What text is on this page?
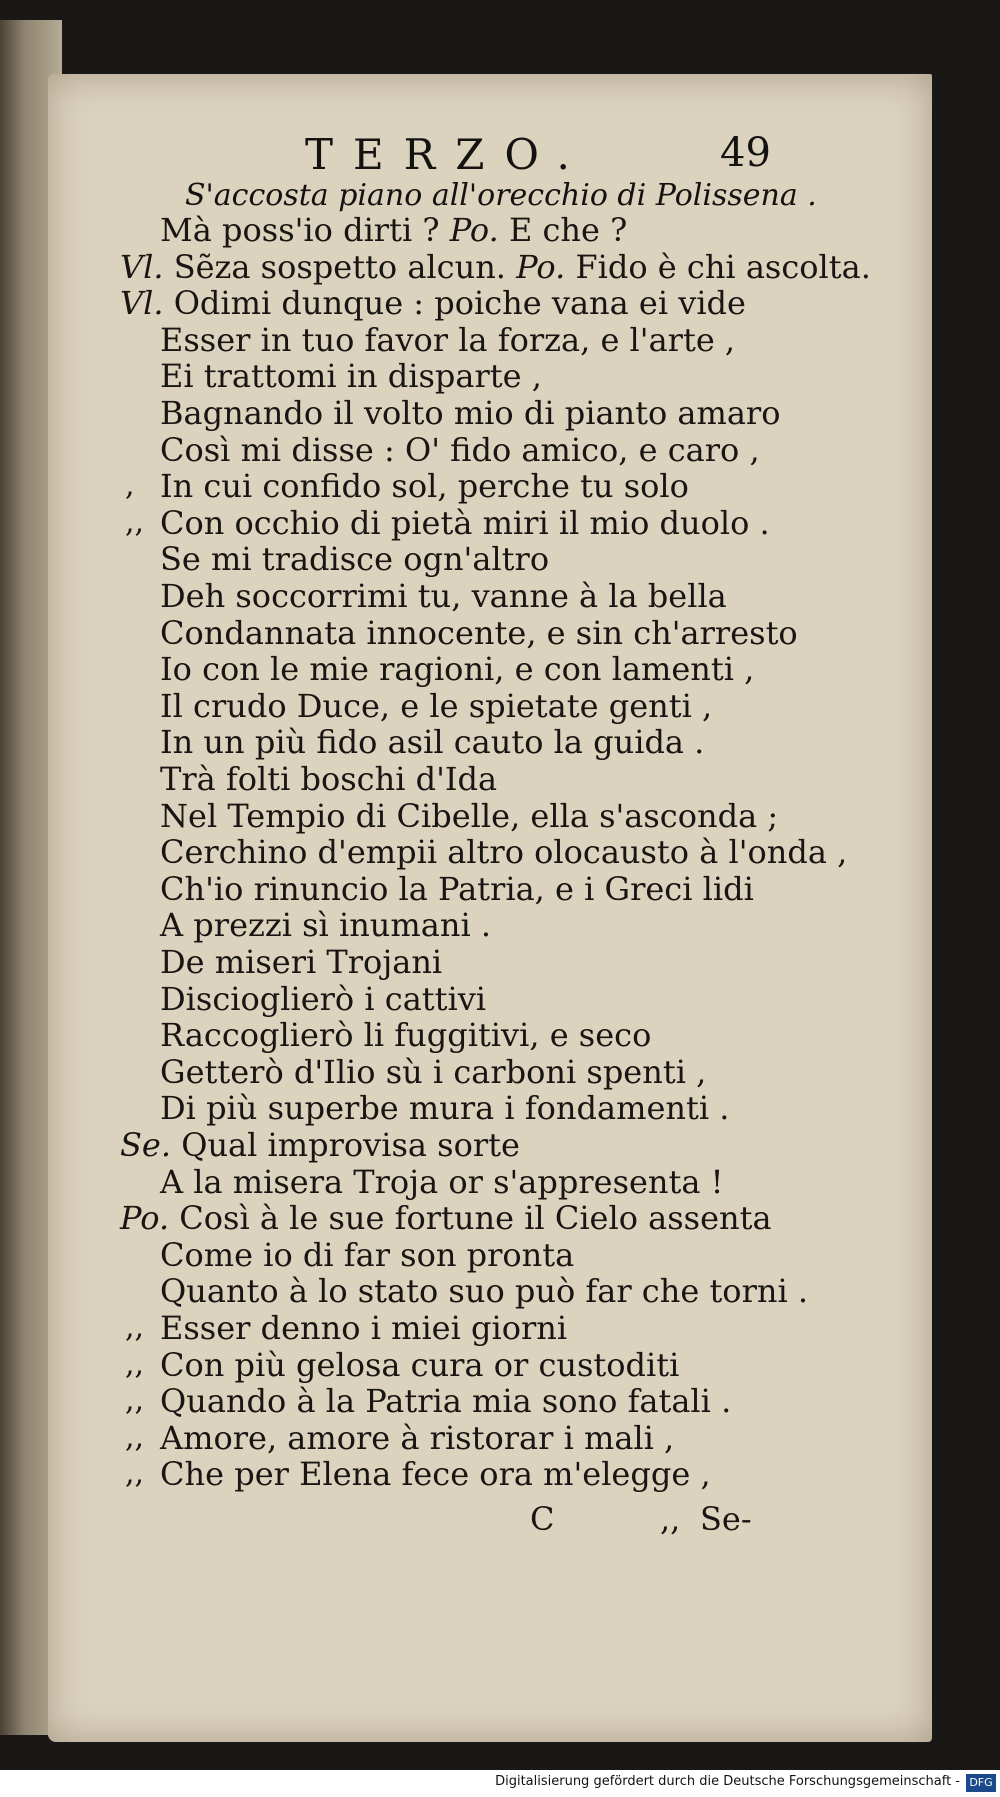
TERZO.	49
S'accosta piano all'orecchio di Polissena .
Mà poss'io dirti ? Po. E che ?
Vl. Sẽza sospetto alcun. Po. Fido è chi ascolta.
Vl. Odimi dunque : poiche vana ei vide
Esser in tuo favor la forza, e l'arte ,
Ei trattomi in disparte ,
Bagnando il volto mio di pianto amaro
Così mi disse : O' fido amico, e caro ,
, In cui confido sol, perche tu solo
,, Con occhio di pietà miri il mio duolo .
Se mi tradisce ogn'altro
Deh soccorrimi tu, vanne à la bella
Condannata innocente, e sin ch'arresto
Io con le mie ragioni, e con lamenti ,
Il crudo Duce, e le spietate genti ,
In un più fido asil cauto la guida .
Trà folti boschi d'Ida
Nel Tempio di Cibelle, ella s'asconda ;
Cerchino d'empii altro olocausto à l'onda ,
Ch'io rinuncio la Patria, e i Greci lidi
A prezzi sì inumani .
De miseri Trojani
Discioglierò i cattivi
Raccoglierò li fuggitivi, e seco
Getterò d'Ilio sù i carboni spenti ,
Di più superbe mura i fondamenti .
Se. Qual improvisa sorte
A la misera Troja or s'appresenta !
Po. Così à le sue fortune il Cielo assenta
Come io di far son pronta
Quanto à lo stato suo può far che torni .
,, Esser denno i miei giorni
,, Con più gelosa cura or custoditi
,, Quando à la Patria mia sono fatali .
,, Amore, amore à ristorar i mali ,
,, Che per Elena fece ora m'elegge ,
C	,, Se-
Digitalisierung gefördert durch die Deutsche Forschungsgemeinschaft - DFG
